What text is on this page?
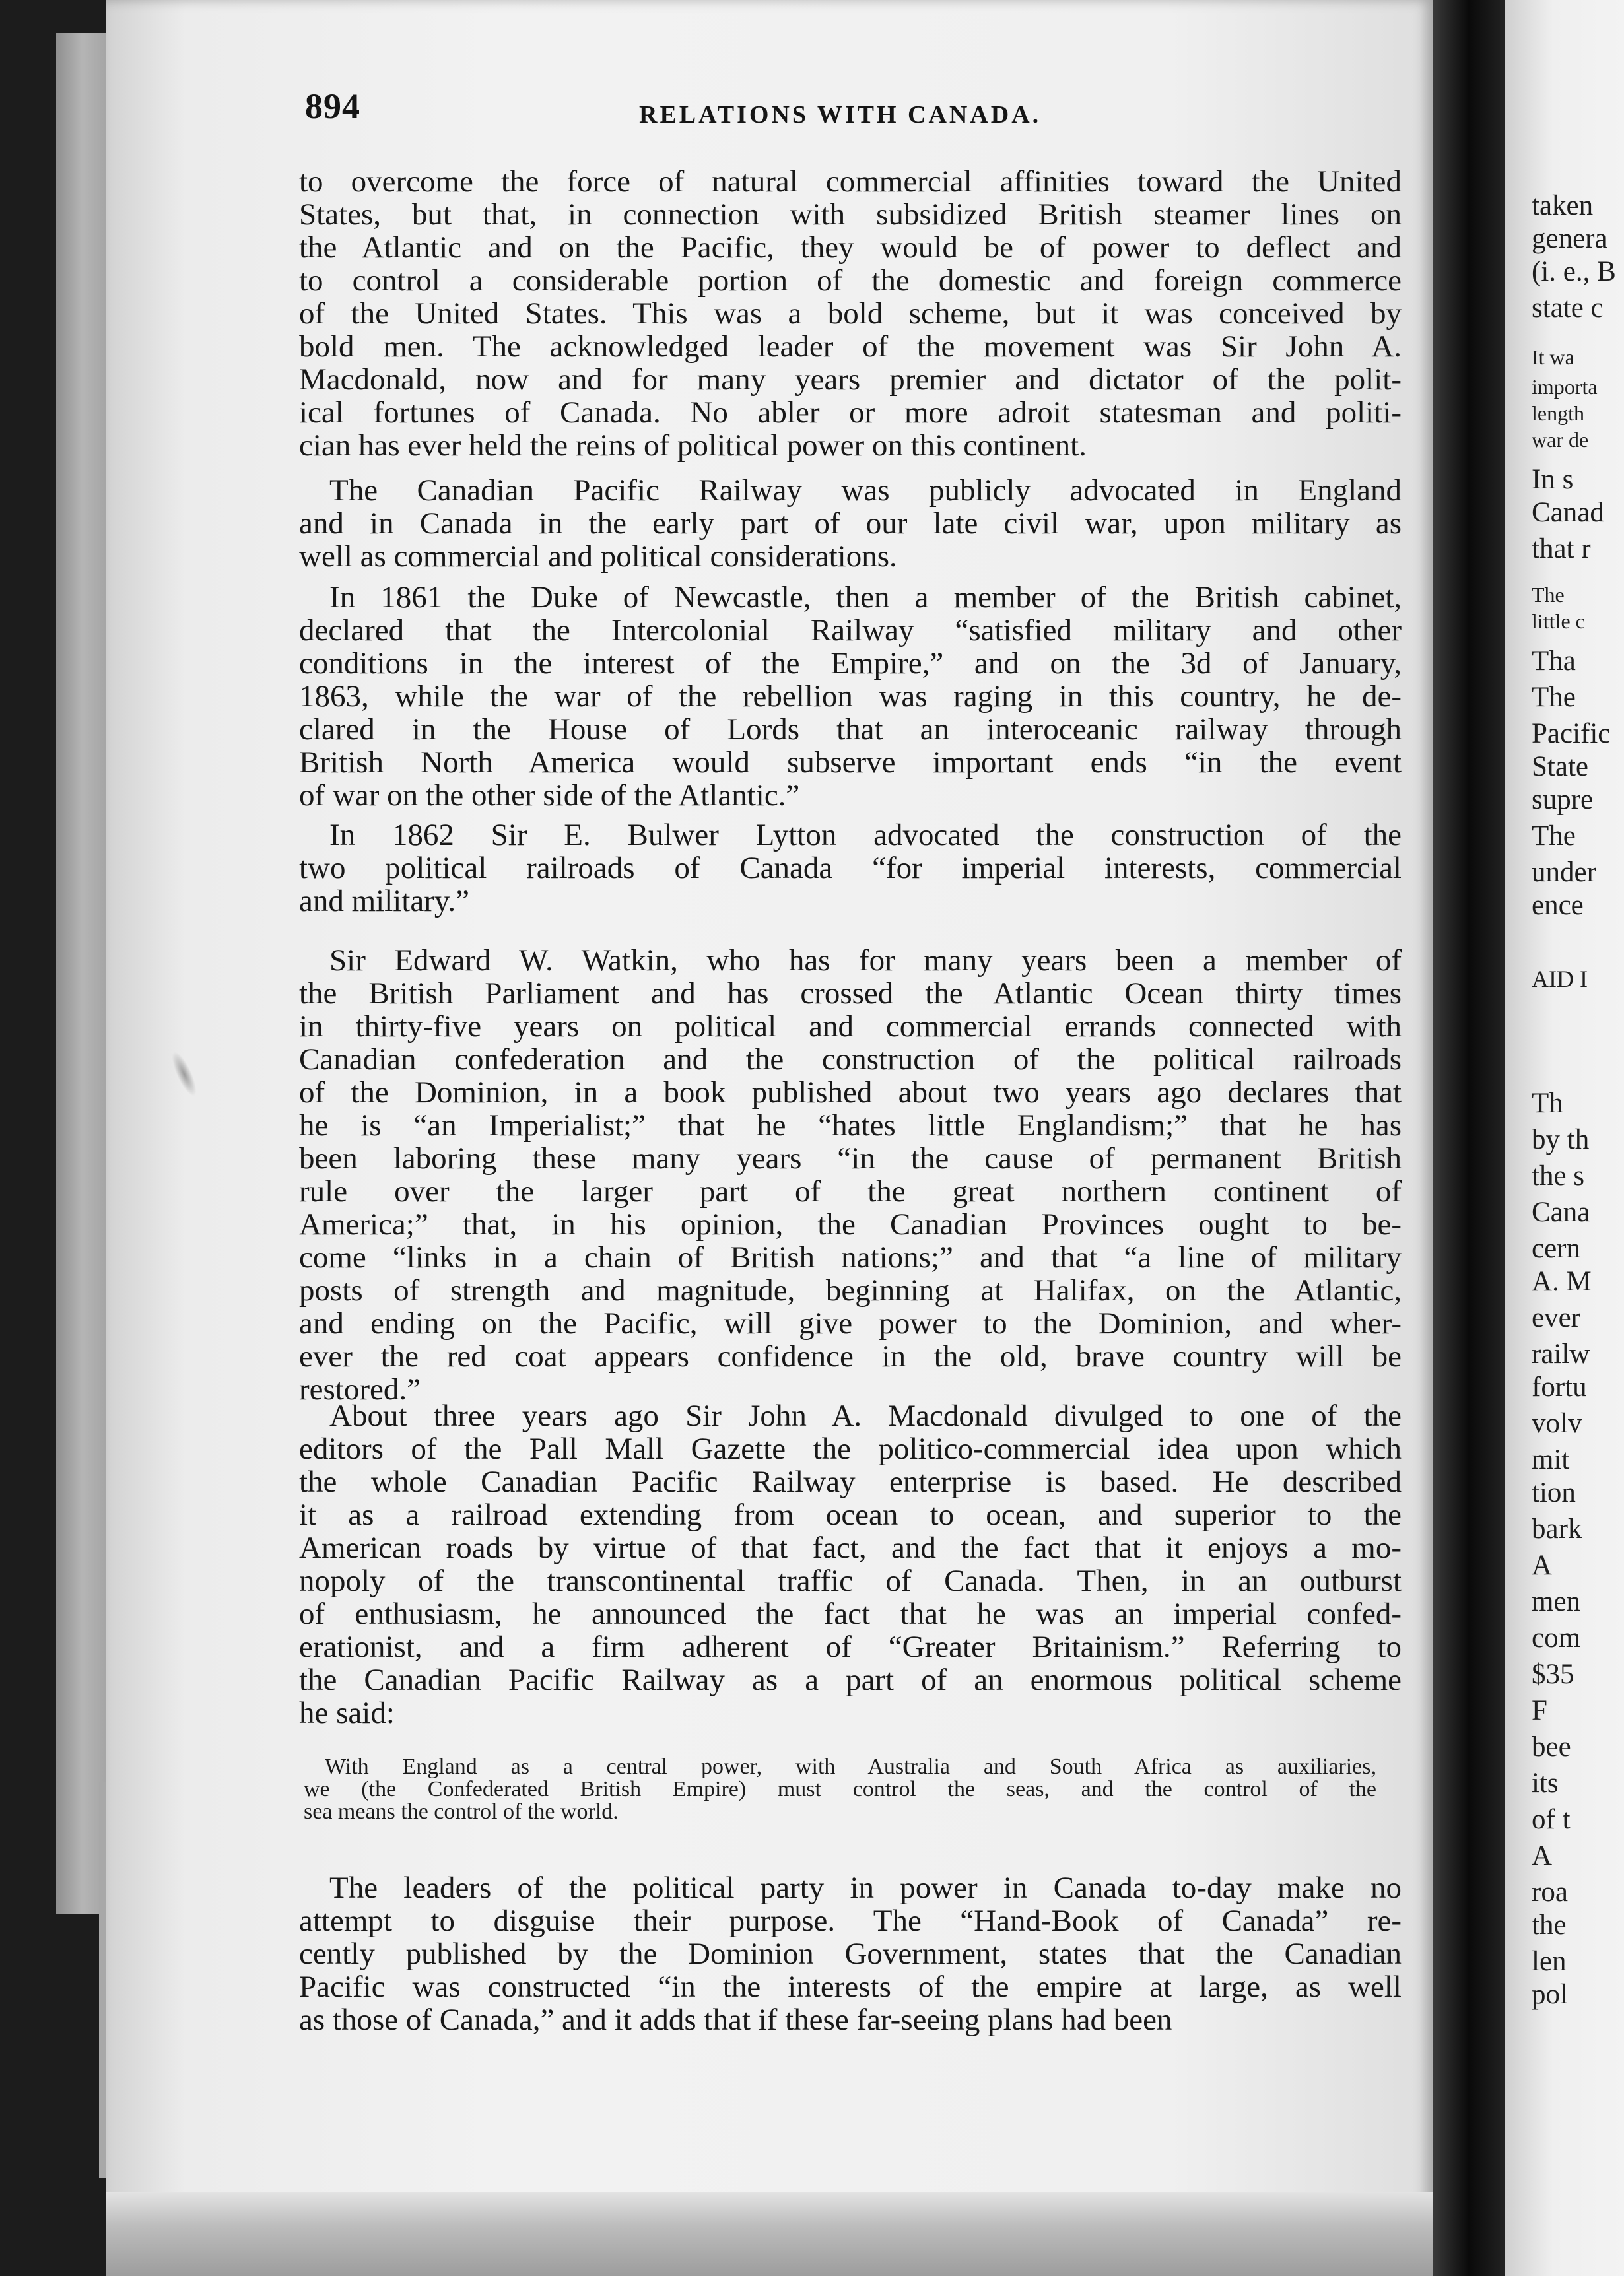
taken
genera
(i. e., B
state c
It wa
importa
length
war de
In s
Canad
that r
The
little c
Tha
The
Pacific
State
supre
The
under
ence
AID I
Th
by th
the s
Cana
cern
A. M
ever
railw
fortu
volv
mit
tion
bark
A
men
com
$35
F
bee
its
of t
A
roa
the
len
pol
894	RELATIONS WITH CANADA.
to overcome the force of natural commercial affinities toward the United
States, but that, in connection with subsidized British steamer lines on
the Atlantic and on the Pacific, they would be of power to deflect and
to control a considerable portion of the domestic and foreign commerce
of the United States. This was a bold scheme, but it was conceived by
bold men. The acknowledged leader of the movement was Sir John A.
Macdonald, now and for many years premier and dictator of the polit-
ical fortunes of Canada. No abler or more adroit statesman and politi-
cian has ever held the reins of political power on this continent.
The Canadian Pacific Railway was publicly advocated in England
and in Canada in the early part of our late civil war, upon military as
well as commercial and political considerations.
In 1861 the Duke of Newcastle, then a member of the British cabinet,
declared that the Intercolonial Railway “satisfied military and other
conditions in the interest of the Empire,” and on the 3d of January,
1863, while the war of the rebellion was raging in this country, he de-
clared in the House of Lords that an interoceanic railway through
British North America would subserve important ends “in the event
of war on the other side of the Atlantic.”
In 1862 Sir E. Bulwer Lytton advocated the construction of the
two political railroads of Canada “for imperial interests, commercial
and military.”
Sir Edward W. Watkin, who has for many years been a member of
the British Parliament and has crossed the Atlantic Ocean thirty times
in thirty-five years on political and commercial errands connected with
Canadian confederation and the construction of the political railroads
of the Dominion, in a book published about two years ago declares that
he is “an Imperialist;” that he “hates little Englandism;” that he has
been laboring these many years “in the cause of permanent British
rule over the larger part of the great northern continent of
America;” that, in his opinion, the Canadian Provinces ought to be-
come “links in a chain of British nations;” and that “a line of military
posts of strength and magnitude, beginning at Halifax, on the Atlantic,
and ending on the Pacific, will give power to the Dominion, and wher-
ever the red coat appears confidence in the old, brave country will be
restored.”
About three years ago Sir John A. Macdonald divulged to one of the
editors of the Pall Mall Gazette the politico-commercial idea upon which
the whole Canadian Pacific Railway enterprise is based. He described
it as a railroad extending from ocean to ocean, and superior to the
American roads by virtue of that fact, and the fact that it enjoys a mo-
nopoly of the transcontinental traffic of Canada. Then, in an outburst
of enthusiasm, he announced the fact that he was an imperial confed-
erationist, and a firm adherent of “Greater Britainism.” Referring to
the Canadian Pacific Railway as a part of an enormous political scheme
he said:
The leaders of the political party in power in Canada to-day make no
attempt to disguise their purpose. The “Hand-Book of Canada” re-
cently published by the Dominion Government, states that the Canadian
Pacific was constructed “in the interests of the empire at large, as well
as those of Canada,” and it adds that if these far-seeing plans had been
With England as a central power, with Australia and South Africa as auxiliaries,
we (the Confederated British Empire) must control the seas, and the control of the
sea means the control of the world.
